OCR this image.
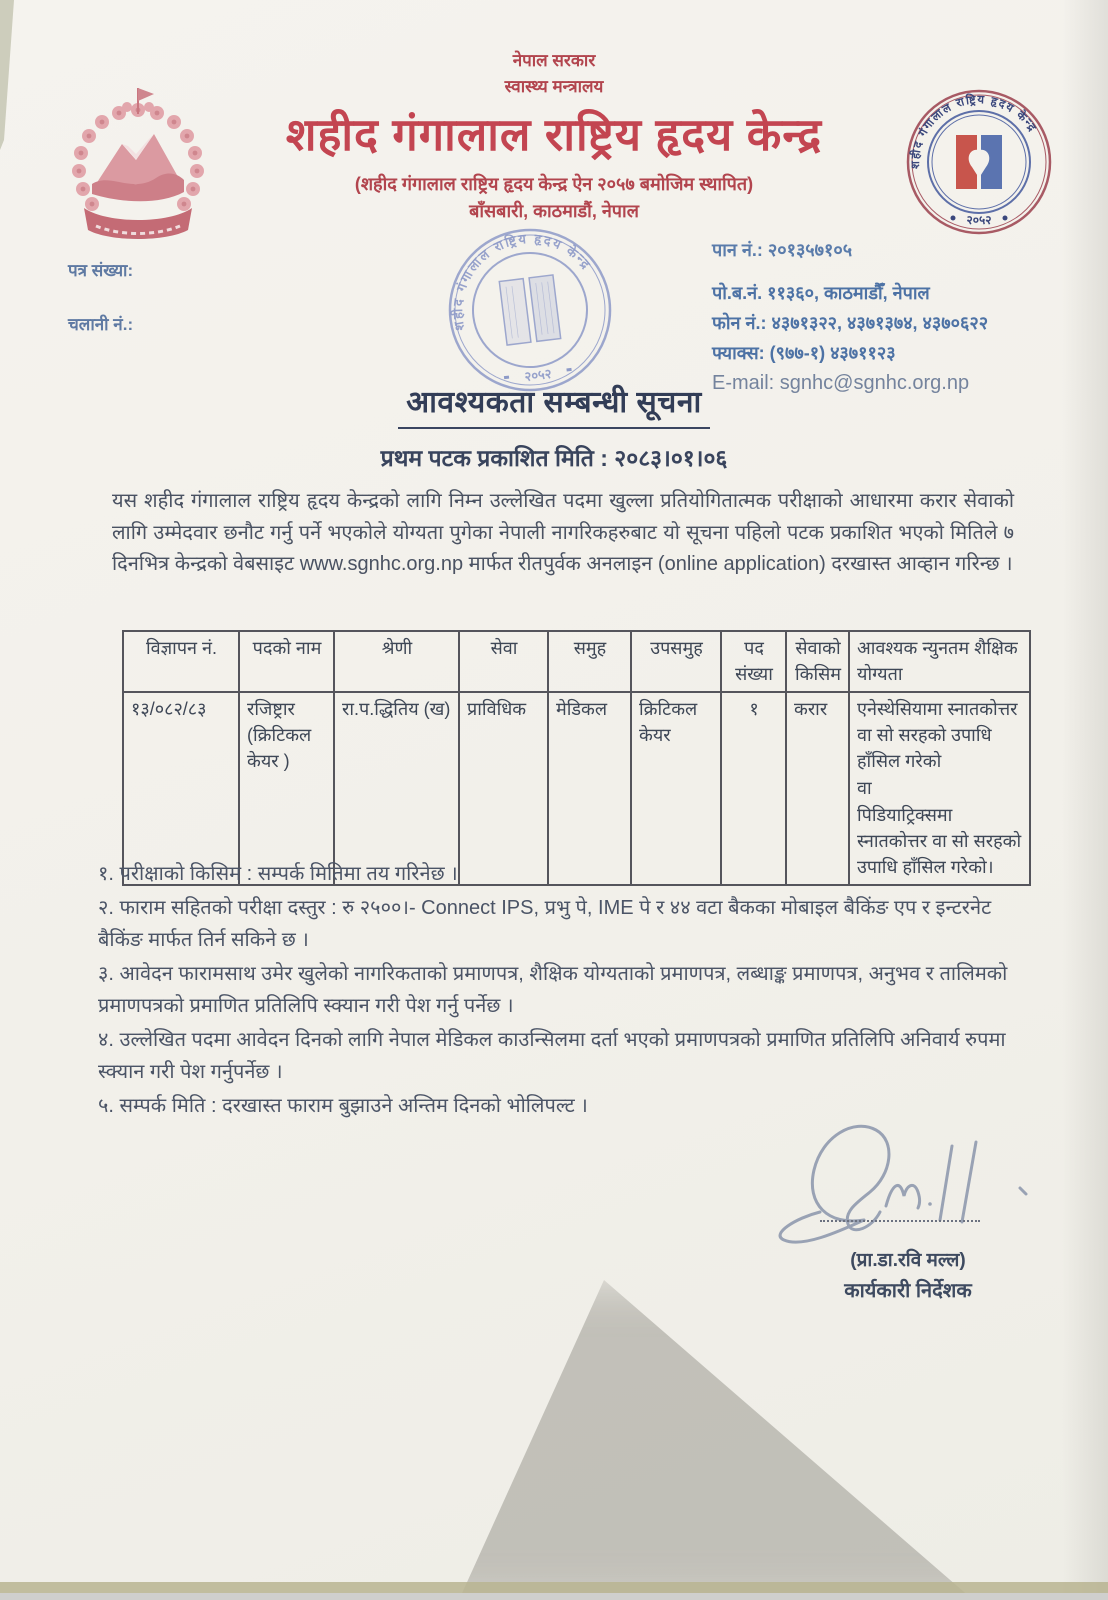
नेपाल सरकार
स्वास्थ्य मन्त्रालय
शहीद गंगालाल राष्ट्रिय हृदय केन्द्र
(शहीद गंगालाल राष्ट्रिय हृदय केन्द्र ऐन २०५७ बमोजिम स्थापित)
बाँसबारी, काठमाडौं, नेपाल
शहीद गंगालाल राष्ट्रिय हृदय केन्द्र
२०५२
शहीद गंगालाल राष्ट्रिय हृदय केन्द्र
२०५२
पत्र संख्या:
चलानी नं.:
पान नं.: २०१३५७१०५
पो.ब.नं. ११३६०, काठमाडौँ, नेपाल
फोन नं.: ४३७१३२२, ४३७१३७४, ४३७०६२२
फ्याक्स: (९७७-१) ४३७११२३
E-mail: sgnhc@sgnhc.org.np
आवश्यकता सम्बन्धी सूचना
प्रथम पटक प्रकाशित मिति : २०८३।०१।०६
यस शहीद गंगालाल राष्ट्रिय हृदय केन्द्रको लागि निम्न उल्लेखित पदमा खुल्ला प्रतियोगितात्मक परीक्षाको आधारमा करार सेवाको लागि उम्मेदवार छनौट गर्नु पर्ने भएकोले योग्यता पुगेका नेपाली नागरिकहरुबाट यो सूचना पहिलो पटक प्रकाशित भएको मितिले ७ दिनभित्र केन्द्रको वेबसाइट www.sgnhc.org.np मार्फत रीतपुर्वक अनलाइन (online application) दरखास्त आव्हान गरिन्छ ।
विज्ञापन नं.	पदको नाम	श्रेणी	सेवा	समुह	उपसमुह	पद संख्या	सेवाको किसिम	आवश्यक न्युनतम शैक्षिक योग्यता
१३/०८२/८३	रजिष्ट्रार (क्रिटिकल केयर )	रा.प.द्धितिय (ख)	प्राविधिक	मेडिकल	क्रिटिकल केयर	१	करार	एनेस्थेसियामा स्नातकोत्तर वा सो सरहको उपाधि हाँसिल गरेको
वा
पिडियाट्रिक्समा स्नातकोत्तर वा सो सरहको उपाधि हाँसिल गरेको।

१. परीक्षाको किसिम : सम्पर्क मितिमा तय गरिनेछ ।

२. फाराम सहितको परीक्षा दस्तुर : रु २५००।- Connect IPS, प्रभु पे, IME पे र ४४ वटा बैकका मोबाइल बैकिंङ एप र इन्टरनेट बैकिंङ मार्फत तिर्न सकिने छ ।

३. आवेदन फारामसाथ उमेर खुलेको नागरिकताको प्रमाणपत्र, शैक्षिक योग्यताको प्रमाणपत्र, लब्धाङ्क प्रमाणपत्र, अनुभव र तालिमको प्रमाणपत्रको प्रमाणित प्रतिलिपि स्क्यान गरी पेश गर्नु पर्नेछ ।

४. उल्लेखित पदमा आवेदन दिनको लागि नेपाल मेडिकल काउन्सिलमा दर्ता भएको प्रमाणपत्रको प्रमाणित प्रतिलिपि अनिवार्य रुपमा स्क्यान गरी पेश गर्नुपर्नेछ ।

५. सम्पर्क मिति : दरखास्त फाराम बुझाउने अन्तिम दिनको भोलिपल्ट ।

(प्रा.डा.रवि मल्ल)
कार्यकारी निर्देशक
